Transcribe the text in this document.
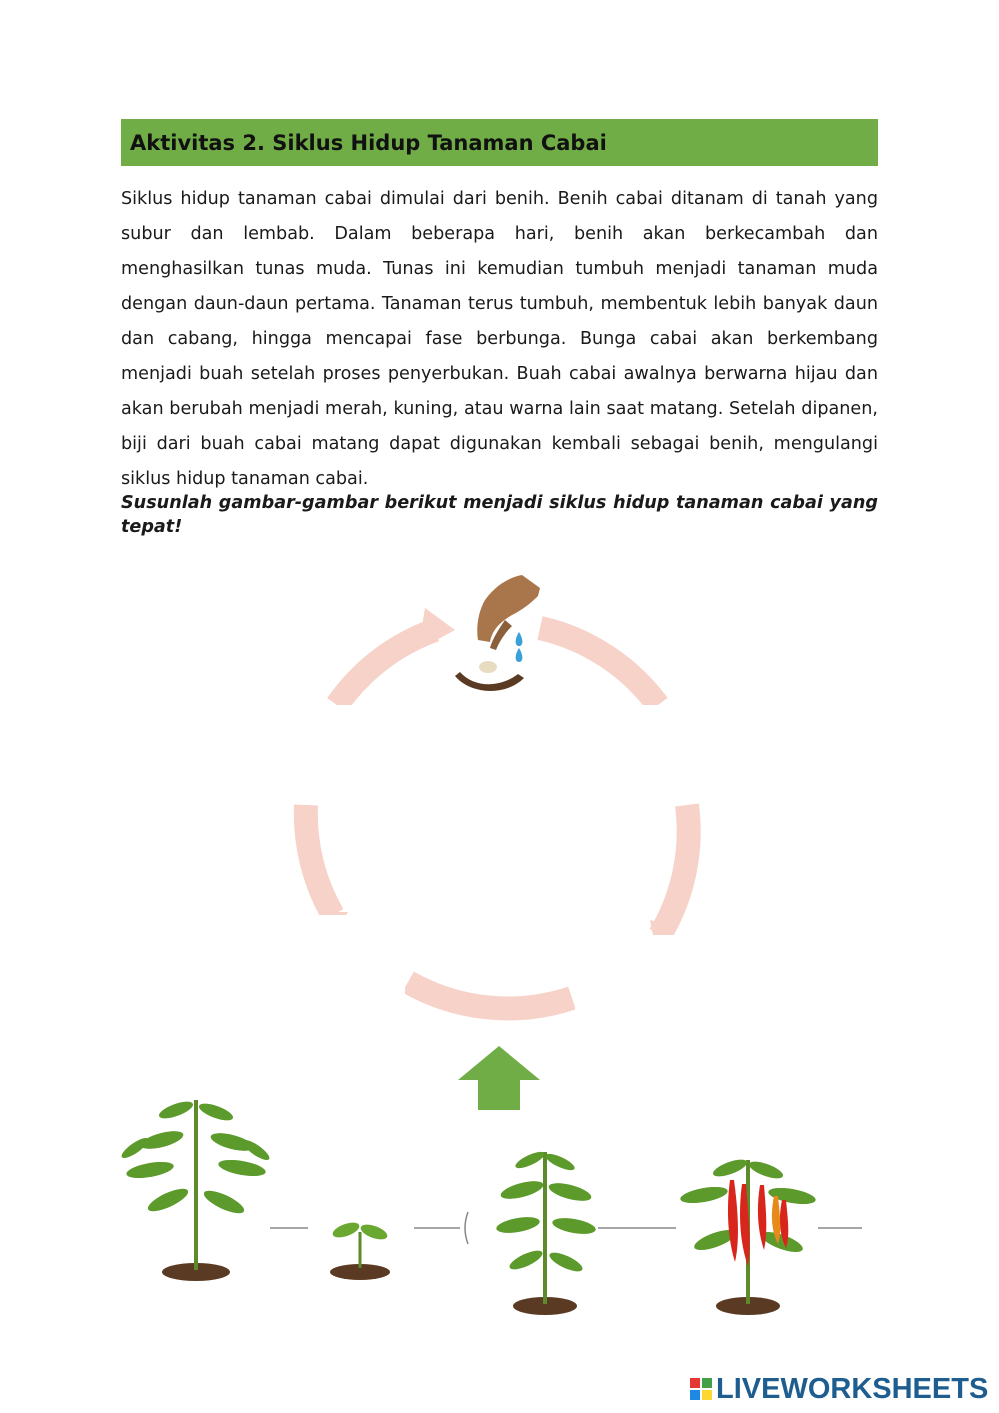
Aktivitas 2. Siklus Hidup Tanaman Cabai

Siklus hidup tanaman cabai dimulai dari benih. Benih cabai ditanam di tanah yang subur dan lembab. Dalam beberapa hari, benih akan berkecambah dan menghasilkan tunas muda. Tunas ini kemudian tumbuh menjadi tanaman muda dengan daun-daun pertama. Tanaman terus tumbuh, membentuk lebih banyak daun dan cabang, hingga mencapai fase berbunga. Bunga cabai akan berkembang menjadi buah setelah proses penyerbukan. Buah cabai awalnya berwarna hijau dan akan berubah menjadi merah, kuning, atau warna lain saat matang. Setelah dipanen, biji dari buah cabai matang dapat digunakan kembali sebagai benih, mengulangi siklus hidup tanaman cabai.

Susunlah gambar-gambar berikut menjadi siklus hidup tanaman cabai yang tepat!

LIVEWORKSHEETS
